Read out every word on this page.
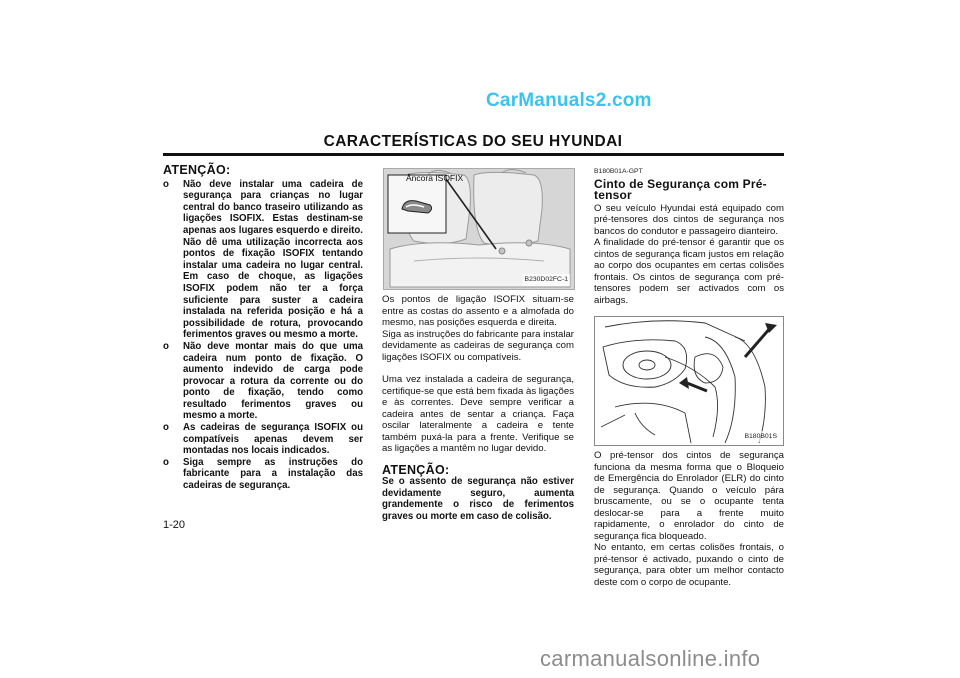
CarManuals2.com
CARACTERÍSTICAS DO SEU HYUNDAI
ATENÇÃO:
o Não deve instalar uma cadeira de segurança para crianças no lugar central do banco traseiro utilizando as ligações ISOFIX. Estas destinam-se apenas aos lugares esquerdo e direito. Não dê uma utilização incorrecta aos pontos de fixação ISOFIX tentando instalar uma cadeira no lugar central. Em caso de choque, as ligações ISOFIX podem não ter a força suficiente para suster a cadeira instalada na referida posição e há a possibilidade de rotura, provocando ferimentos graves ou mesmo a morte.
o Não deve montar mais do que uma cadeira num ponto de fixação. O aumento indevido de carga pode provocar a rotura da corrente ou do ponto de fixação, tendo como resultado ferimentos graves ou mesmo a morte.
o As cadeiras de segurança ISOFIX ou compatíveis apenas devem ser montadas nos locais indicados.
o Siga sempre as instruções do fabricante para a instalação das cadeiras de segurança.
Âncora ISOFIX
B230D02FC-1

Os pontos de ligação ISOFIX situam-se entre as costas do assento e a almofada do mesmo, nas posições esquerda e direita.

Siga as instruções do fabricante para instalar devidamente as cadeiras de segurança com ligações ISOFIX ou compatíveis.

Uma vez instalada a cadeira de segurança, certifique-se que está bem fixada às ligações e às correntes. Deve sempre verificar a cadeira antes de sentar a criança. Faça oscilar lateralmente a cadeira e tente também puxá-la para a frente. Verifique se as ligações a mantêm no lugar devido.

ATENÇÃO:

Se o assento de segurança não estiver devidamente seguro, aumenta grandemente o risco de ferimentos graves ou morte em caso de colisão.

B180B01A-GPT
Cinto de Segurança com Pré-tensor

O seu veículo Hyundai está equipado com pré-tensores dos cintos de segurança nos bancos do condutor e passageiro dianteiro.

A finalidade do pré-tensor é garantir que os cintos de segurança ficam justos em relação ao corpo dos ocupantes em certas colisões frontais. Os cintos de segurança com pré-tensores podem ser activados com os airbags.

B180B01S

O pré-tensor dos cintos de segurança funciona da mesma forma que o Bloqueio de Emergência do Enrolador (ELR) do cinto de segurança. Quando o veículo pára bruscamente, ou se o ocupante tenta deslocar-se para a frente muito rapidamente, o enrolador do cinto de segurança fica bloqueado.

No entanto, em certas colisões frontais, o pré-tensor é activado, puxando o cinto de segurança, para obter um melhor contacto deste com o corpo de ocupante.

1-20
carmanualsonline.info
